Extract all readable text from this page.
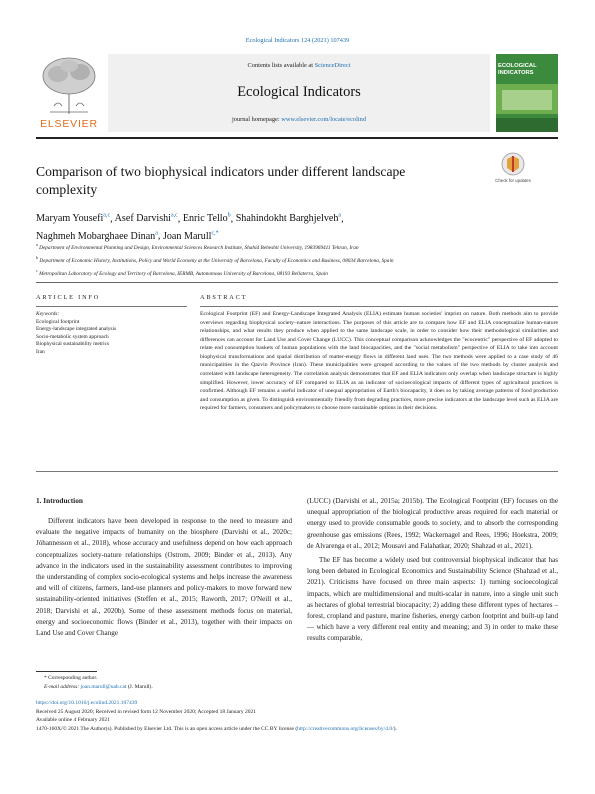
Ecological Indicators 124 (2021) 107439
ELSEVIER
Contents lists available at ScienceDirect
Ecological Indicators
journal homepage: www.elsevier.com/locate/ecolind
ECOLOGICAL INDICATORS
Comparison of two biophysical indicators under different landscape complexity
Check for updates
Maryam Yousefi$^{a,c}$, Asef Darvishi$^{a,c}$, Enric Tello$^b$, Shahindokht Barghjelveh$^a$,
Naghmeh Mobarghaee Dinan$^a$, Joan Marull$^{c,*}$
$^a$ Department of Environmental Planning and Design, Environmental Sciences Research Institute, Shahid Beheshti University, 1983969411 Tehran, Iran
$^b$ Department of Economic History, Institutions, Policy and World Economy at the University of Barcelona, Faculty of Economics and Business, 08034 Barcelona, Spain
$^c$ Metropolitan Laboratory of Ecology and Territory of Barcelona, IERMB, Autonomous University of Barcelona, 08193 Bellaterra, Spain
ARTICLE INFO	ABSTRACT
Keywords:
Ecological footprint
Energy-landscape integrated analysis
Socio-metabolic system approach
Biophysical sustainability metrics
Iran
Ecological Footprint (EF) and Energy-Landscape Integrated Analysis (ELIA) estimate human societies' imprint on nature. Both methods aim to provide overviews regarding biophysical society–nature interactions. The purposes of this article are to compare how EF and ELIA conceptualize human-nature relationships, and what results they produce when applied to the same landscape scale, in order to consider how their methodological similarities and differences can account for Land Use and Cover Change (LUCC). This conceptual comparison acknowledges the "ecocentric" perspective of EF adopted to relate end consumption baskets of human populations with the land biocapacities, and the "social metabolism" perspective of ELIA to take into account biophysical transformations and spatial distribution of matter-energy flows in different land uses. The two methods were applied to a case study of 46 municipalities in the Qazvin Province (Iran). These municipalities were grouped according to the values of the two methods by cluster analysis and correlated with landscape heterogeneity. The correlation analysis demonstrates that EF and ELIA indicators only overlap when landscape structure is highly simplified. However, lower accuracy of EF compared to ELIA as an indicator of socioecological impacts of different types of agricultural practices is confirmed. Although EF remains a useful indicator of unequal appropriation of Earth's biocapacity, it does so by taking average patterns of food production and consumption as given. To distinguish environmentally friendly from degrading practices, more precise indicators at the landscape level such as ELIA are required for farmers, consumers and policymakers to choose more sustainable options in their decisions.
1. Introduction
Different indicators have been developed in response to the need to measure and evaluate the negative impacts of humanity on the biosphere (Darvishi et al., 2020c; Jóhannesson et al., 2018), whose accuracy and usefulness depend on how each approach conceptualizes society-nature relationships (Ostrom, 2009; Binder et al., 2013). Any advance in the indicators used in the sustainability assessment contributes to improving the understanding of complex socio-ecological systems and helps increase the awareness and will of citizens, farmers, land-use planners and policy-makers to move forward new sustainability-oriented initiatives (Steffen et al., 2015; Raworth, 2017; O'Neill et al., 2018; Darvishi et al., 2020b). Some of these assessment methods focus on material, energy and socioeconomic flows (Binder et al., 2013), together with their impacts on Land Use and Cover Change

(LUCC) (Darvishi et al., 2015a; 2015b). The Ecological Footprint (EF) focuses on the unequal appropriation of the biological productive areas required for each material or energy used to provide consumable goods to society, and to absorb the corresponding greenhouse gas emissions (Rees, 1992; Wackernagel and Rees, 1996; Hoekstra, 2009; de Alvarenga et al., 2012; Mousavi and Falahatkar, 2020; Shahzad et al., 2021).

The EF has become a widely used but controversial biophysical indicator that has long been debated in Ecological Economics and Sustainability Science (Shahzad et al., 2021). Criticisms have focused on three main aspects: 1) turning socioecological impacts, which are multidimensional and multi-scalar in nature, into a single unit such as hectares of global terrestrial biocapacity; 2) adding these different types of hectares –forest, cropland and pasture, marine fisheries, energy carbon footprint and built-up land— which have a very different real entity and meaning; and 3) in order to make these results comparable,

* Corresponding author.
E-mail address: joan.marull@uab.cat (J. Marull).
https://doi.org/10.1016/j.ecolind.2021.107439
Received 25 August 2020; Received in revised form 12 November 2020; Accepted 18 January 2021
Available online 4 February 2021
1470-160X/© 2021 The Author(s). Published by Elsevier Ltd. This is an open access article under the CC BY license (http://creativecommons.org/licenses/by/4.0/).
